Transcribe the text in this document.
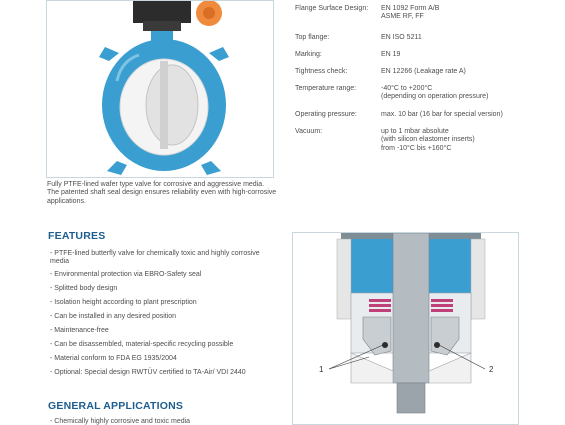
Fully PTFE-lined wafer type valve for corrosive and aggressive media. The patented shaft seal design ensures reliability even with high-corrosive applications.

Flange Surface Design:	EN 1092 Form A/B
ASME RF, FF
Top flange:	EN ISO 5211
Marking:	EN 19
Tightness check:	EN 12266 (Leakage rate A)
Temperature range:	-40°C to +200°C
(depending on operation pressure)
Operating pressure:	max. 10 bar (16 bar for special version)
Vacuum:	up to 1 mbar absolute
(with silicon elastomer inserts)
from -10°C bis +160°C
FEATURES
- PTFE-lined butterfly valve for chemically toxic and highly corrosive media
- Environmental protection via EBRO-Safety seal
- Splitted body design
- Isolation height according to plant prescription
- Can be installed in any desired position
- Maintenance-free
- Can be disassembled, material-specific recycling possible
- Material conform to FDA EG 1935/2004
- Optional: Special design RWTÜV certified to TA-Air/ VDI 2440
GENERAL APPLICATIONS
- Chemically highly corrosive and toxic media
1	2
